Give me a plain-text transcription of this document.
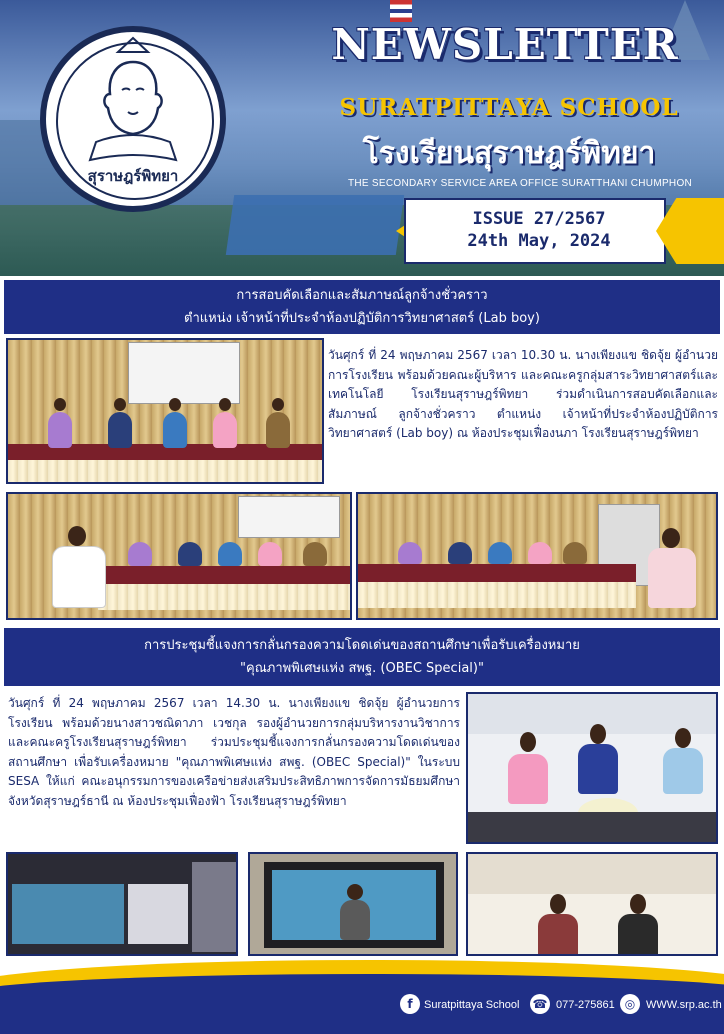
สุราษฎร์พิทยา
NEWSLETTER
SURATPITTAYA SCHOOL
โรงเรียนสุราษฎร์พิทยา
THE SECONDARY SERVICE AREA OFFICE SURATTHANI CHUMPHON
ISSUE 27/2567
24th May, 2024
การสอบคัดเลือกและสัมภาษณ์ลูกจ้างชั่วคราว
ตำแหน่ง เจ้าหน้าที่ประจำห้องปฏิบัติการวิทยาศาสตร์ (Lab boy)
วันศุกร์ ที่ 24 พฤษภาคม 2567 เวลา 10.30 น. นางเพียงแข ชิดจุ้ย ผู้อำนวยการโรงเรียน พร้อมด้วยคณะผู้บริหาร และคณะครูกลุ่มสาระวิทยาศาสตร์และเทคโนโลยี โรงเรียนสุราษฎร์พิทยา ร่วมดำเนินการสอบคัดเลือกและสัมภาษณ์ ลูกจ้างชั่วคราว ตำแหน่ง เจ้าหน้าที่ประจำห้องปฏิบัติการ วิทยาศาสตร์ (Lab boy) ณ ห้องประชุมเฟื่องนภา โรงเรียนสุราษฎร์พิทยา
การประชุมชี้แจงการกลั่นกรองความโดดเด่นของสถานศึกษาเพื่อรับเครื่องหมาย
"คุณภาพพิเศษแห่ง สพฐ. (OBEC Special)"
วันศุกร์ ที่ 24 พฤษภาคม 2567 เวลา 14.30 น. นางเพียงแข ชิดจุ้ย ผู้อำนวยการโรงเรียน พร้อมด้วยนางสาวชณิดาภา เวชกุล รองผู้อำนวยการกลุ่มบริหารงานวิชาการ และคณะครูโรงเรียนสุราษฎร์พิทยา ร่วมประชุมชี้แจงการกลั่นกรองความโดดเด่นของสถานศึกษา เพื่อรับเครื่องหมาย "คุณภาพพิเศษแห่ง สพฐ. (OBEC Special)" ในระบบ SESA ให้แก่ คณะอนุกรรมการของเครือข่ายส่งเสริมประสิทธิภาพการจัดการมัธยมศึกษา จังหวัดสุราษฎร์ธานี ณ ห้องประชุมเฟื่องฟ้า โรงเรียนสุราษฎร์พิทยา
f	Suratpittaya School ☎ 077-275861 ◎ WWW.srp.ac.th
